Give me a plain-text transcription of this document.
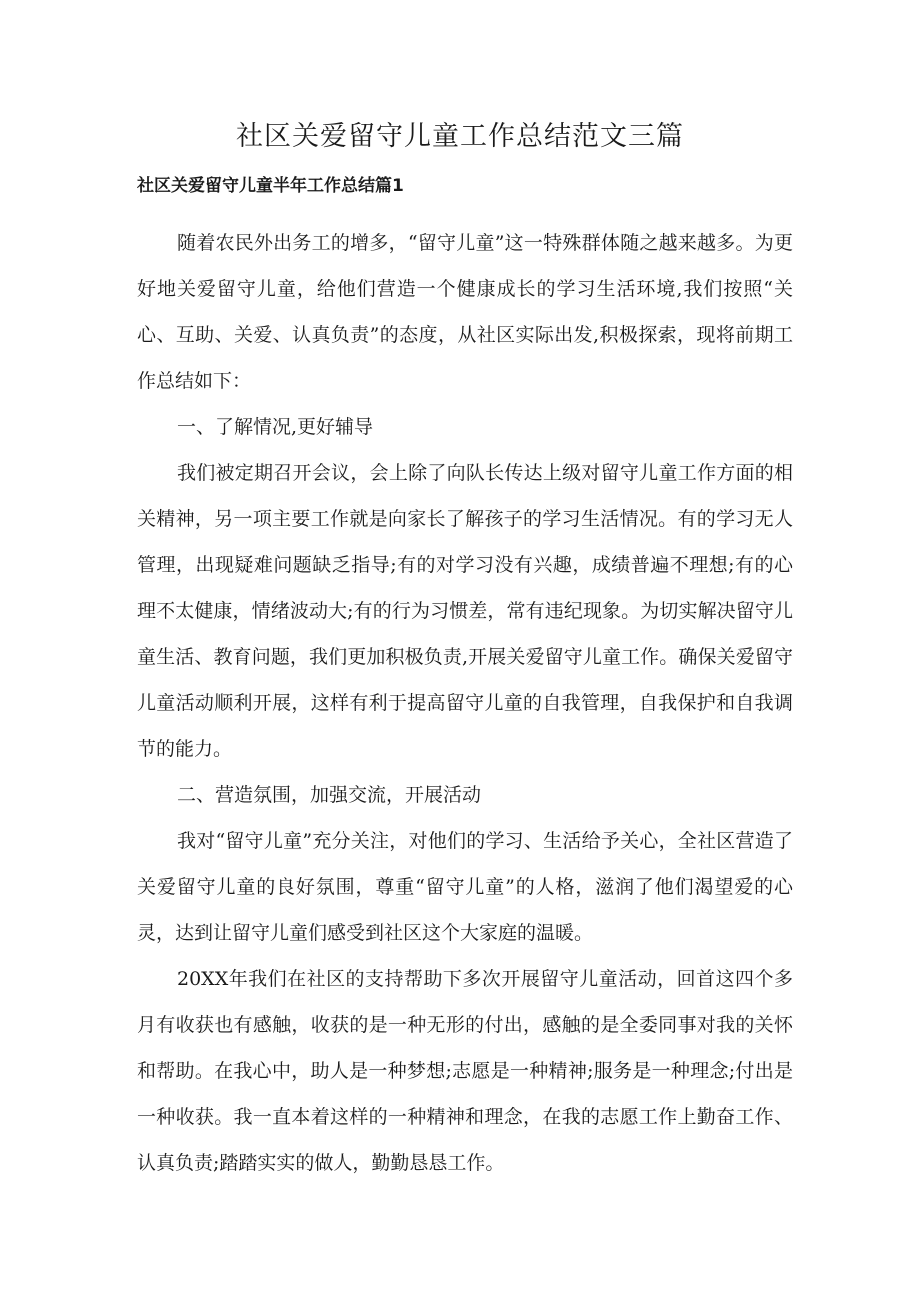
社区关爱留守儿童工作总结范文三篇
社区关爱留守儿童半年工作总结篇1

随着农民外出务工的增多，“留守儿童”这一特殊群体随之越来越多。为更好地关爱留守儿童，给他们营造一个健康成长的学习生活环境,我们按照“关心、互助、关爱、认真负责”的态度，从社区实际出发,积极探索，现将前期工作总结如下：

一、了解情况,更好辅导

我们被定期召开会议，会上除了向队长传达上级对留守儿童工作方面的相关精神，另一项主要工作就是向家长了解孩子的学习生活情况。有的学习无人管理，出现疑难问题缺乏指导;有的对学习没有兴趣，成绩普遍不理想;有的心理不太健康，情绪波动大;有的行为习惯差，常有违纪现象。为切实解决留守儿童生活、教育问题，我们更加积极负责,开展关爱留守儿童工作。确保关爱留守儿童活动顺利开展，这样有利于提高留守儿童的自我管理，自我保护和自我调节的能力。

二、营造氛围，加强交流，开展活动

我对“留守儿童”充分关注，对他们的学习、生活给予关心，全社区营造了关爱留守儿童的良好氛围，尊重“留守儿童”的人格，滋润了他们渴望爱的心灵，达到让留守儿童们感受到社区这个大家庭的温暖。

20XX年我们在社区的支持帮助下多次开展留守儿童活动，回首这四个多月有收获也有感触，收获的是一种无形的付出，感触的是全委同事对我的关怀和帮助。在我心中，助人是一种梦想;志愿是一种精神;服务是一种理念;付出是一种收获。我一直本着这样的一种精神和理念，在我的志愿工作上勤奋工作、认真负责;踏踏实实的做人，勤勤恳恳工作。
